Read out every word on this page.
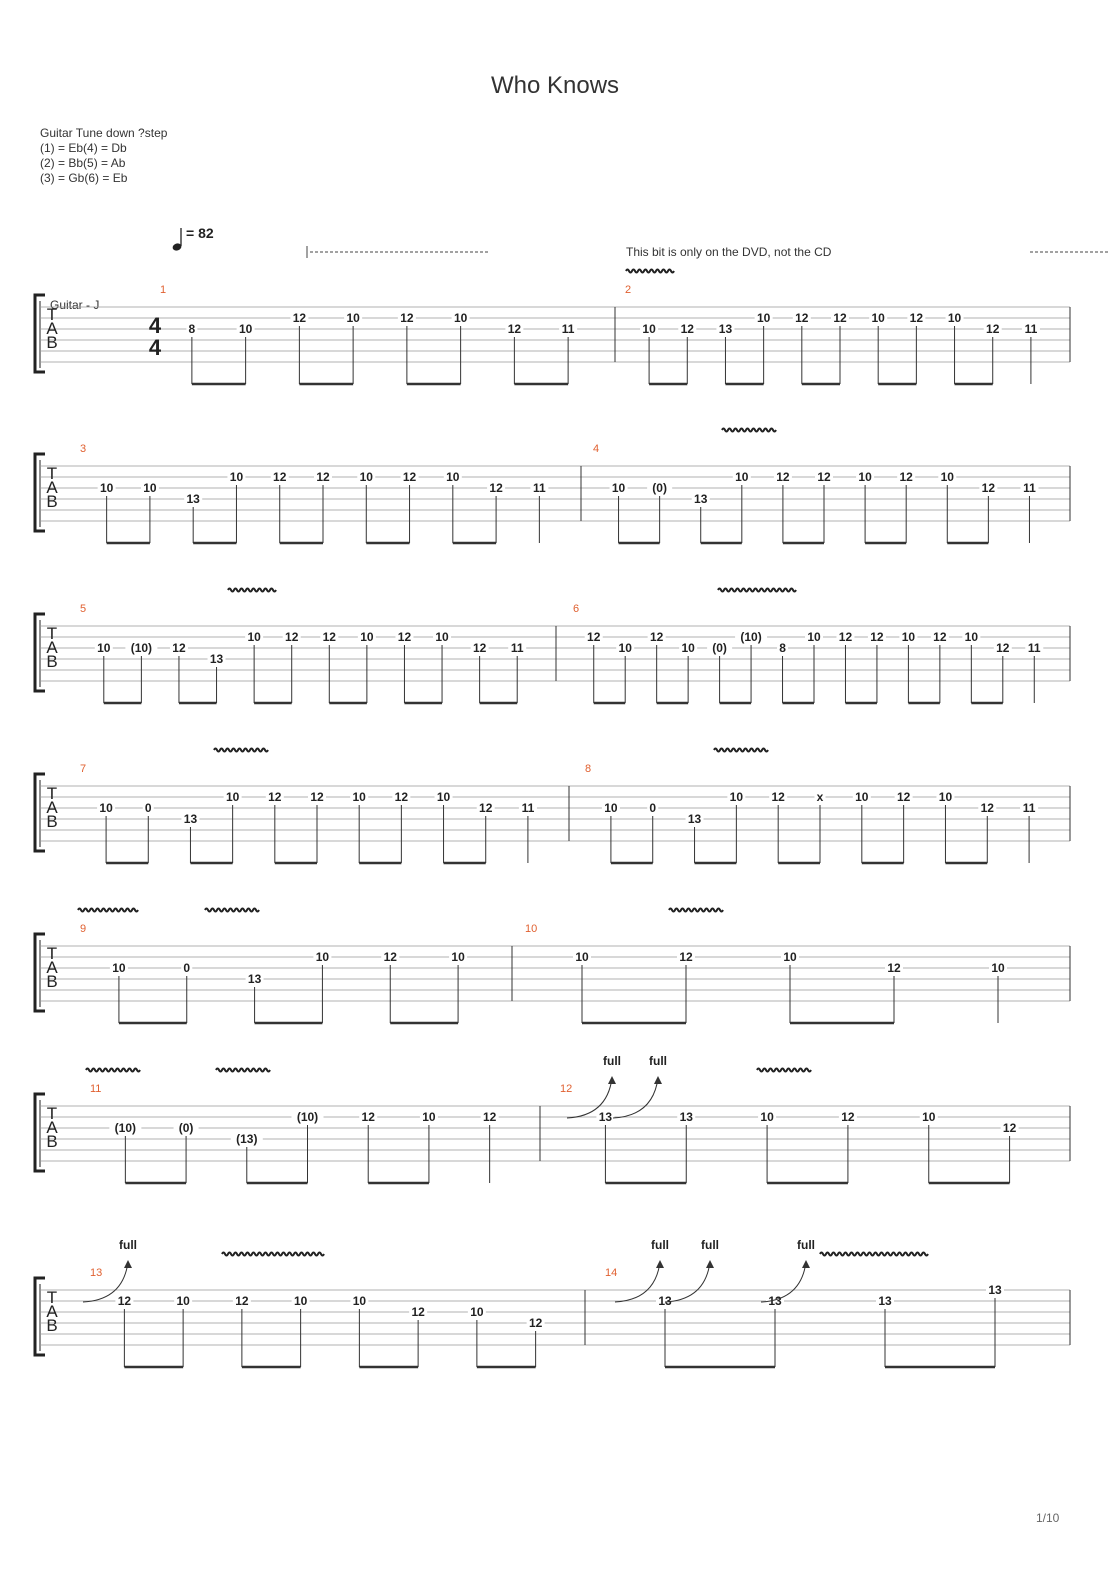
Who Knows
Guitar Tune down ?step
(1) = Eb(4) = Db
(2) = Bb(5) = Ab
(3) = Gb(6) = Eb
= 82
This bit is only on the DVD, not the CD
Guitar - J
1/10
T
A
B
4
4
1
8	10
12	10	12	10
12	11
2
10 12 13
10 12 12 10 12 10
12 11
T
A
B
3
10 10
13
10 12 12 10 12 10
12	11
4
10 (0)
13
10 12 12 10 12 10
12 11
T
A
B
5
10 (10) 12
13
10 12 12 10 12 10
12 11
6
12
10
12
10 (0)
(10)
8
10 12 12 10 12 10
12 11
T
A
B
7
10	0
13
10 12 12 10 12 10
12 11
8
10	0
13
10 12	x	10 12 10
12 11
T
A
B
9
10	0
13
10	12	10
10
10	12	10
12	10
T
A
B
11
(10)	(0)
(13)
(10)	12	10	12
12
13	13	10	12	10
12
T
A
B
13
12	10	12	10	10
12	10
12
14
13	13	13
13
full full
full	full	full	full
